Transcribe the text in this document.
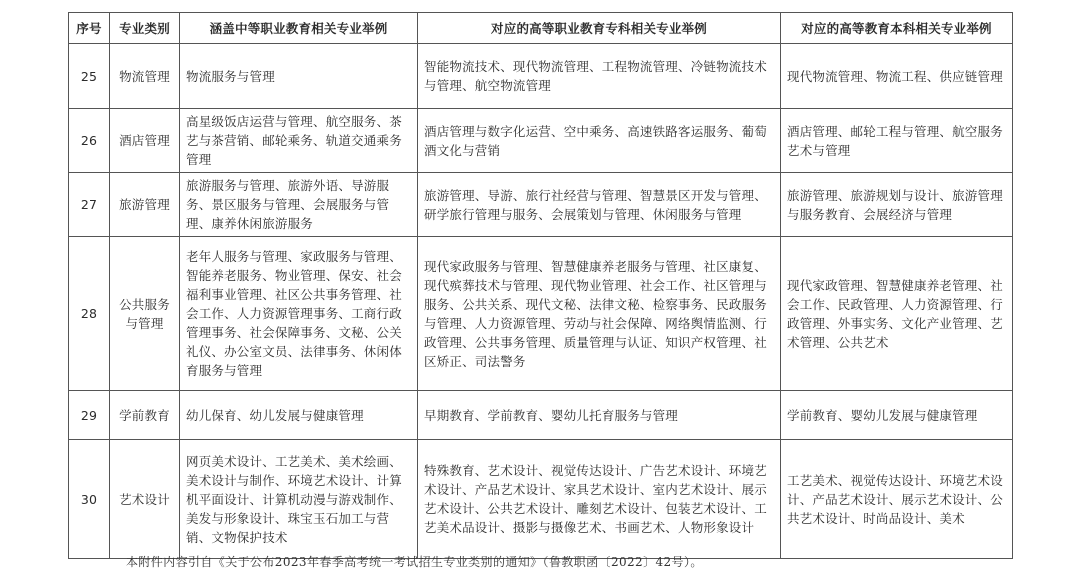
序号	专业类别	涵盖中等职业教育相关专业举例	对应的高等职业教育专科相关专业举例	对应的高等教育本科相关专业举例
25	物流管理	物流服务与管理	智能物流技术、现代物流管理、工程物流管理、冷链物流技术与管理、航空物流管理	现代物流管理、物流工程、供应链管理
26	酒店管理	高星级饭店运营与管理、航空服务、茶艺与茶营销、邮轮乘务、轨道交通乘务管理	酒店管理与数字化运营、空中乘务、高速铁路客运服务、葡萄酒文化与营销	酒店管理、邮轮工程与管理、航空服务艺术与管理
27	旅游管理	旅游服务与管理、旅游外语、导游服务、景区服务与管理、会展服务与管理、康养休闲旅游服务	旅游管理、导游、旅行社经营与管理、智慧景区开发与管理、研学旅行管理与服务、会展策划与管理、休闲服务与管理	旅游管理、旅游规划与设计、旅游管理与服务教育、会展经济与管理
28	公共服务与管理	老年人服务与管理、家政服务与管理、智能养老服务、物业管理、保安、社会福利事业管理、社区公共事务管理、社会工作、人力资源管理事务、工商行政管理事务、社会保障事务、文秘、公关礼仪、办公室文员、法律事务、休闲体育服务与管理	现代家政服务与管理、智慧健康养老服务与管理、社区康复、现代殡葬技术与管理、现代物业管理、社会工作、社区管理与服务、公共关系、现代文秘、法律文秘、检察事务、民政服务与管理、人力资源管理、劳动与社会保障、网络舆情监测、行政管理、公共事务管理、质量管理与认证、知识产权管理、社区矫正、司法警务	现代家政管理、智慧健康养老管理、社会工作、民政管理、人力资源管理、行政管理、外事实务、文化产业管理、艺术管理、公共艺术
29	学前教育	幼儿保育、幼儿发展与健康管理	早期教育、学前教育、婴幼儿托育服务与管理	学前教育、婴幼儿发展与健康管理
30	艺术设计	网页美术设计、工艺美术、美术绘画、美术设计与制作、环境艺术设计、计算机平面设计、计算机动漫与游戏制作、美发与形象设计、珠宝玉石加工与营销、文物保护技术	特殊教育、艺术设计、视觉传达设计、广告艺术设计、环境艺术设计、产品艺术设计、家具艺术设计、室内艺术设计、展示艺术设计、公共艺术设计、雕刻艺术设计、包装艺术设计、工艺美术品设计、摄影与摄像艺术、书画艺术、人物形象设计	工艺美术、视觉传达设计、环境艺术设计、产品艺术设计、展示艺术设计、公共艺术设计、时尚品设计、美术
本附件内容引自《关于公布2023年春季高考统一考试招生专业类别的通知》（鲁教职函〔2022〕42号）。
